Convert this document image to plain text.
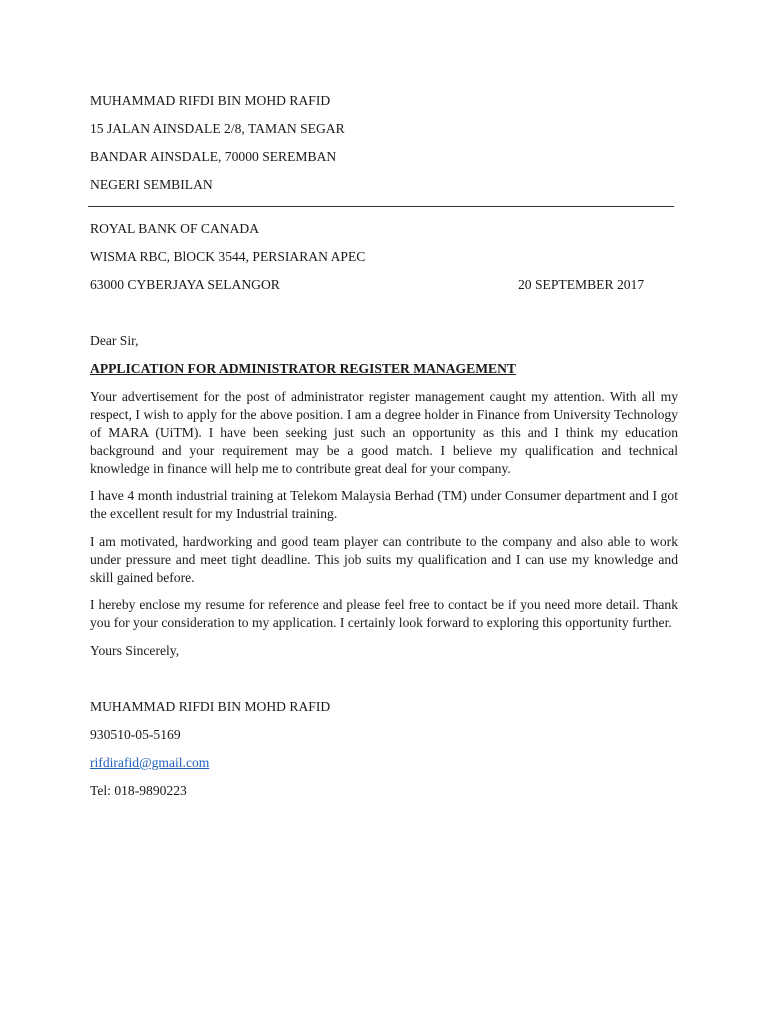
MUHAMMAD RIFDI BIN MOHD RAFID
15 JALAN AINSDALE 2/8, TAMAN SEGAR
BANDAR AINSDALE, 70000 SEREMBAN
NEGERI SEMBILAN
ROYAL BANK OF CANADA
WISMA RBC, BlOCK 3544, PERSIARAN APEC
63000 CYBERJAYA SELANGOR	20 SEPTEMBER 2017
Dear Sir,
APPLICATION FOR ADMINISTRATOR REGISTER MANAGEMENT
Your advertisement for the post of administrator register management caught my attention. With all my respect, I wish to apply for the above position. I am a degree holder in Finance from University Technology of MARA (UiTM). I have been seeking just such an opportunity as this and I think my education background and your requirement may be a good match. I believe my qualification and technical knowledge in finance will help me to contribute great deal for your company.
I have 4 month industrial training at Telekom Malaysia Berhad (TM) under Consumer department and I got the excellent result for my Industrial training.
I am motivated, hardworking and good team player can contribute to the company and also able to work under pressure and meet tight deadline. This job suits my qualification and I can use my knowledge and skill gained before.
I hereby enclose my resume for reference and please feel free to contact be if you need more detail. Thank you for your consideration to my application. I certainly look forward to exploring this opportunity further.
Yours Sincerely,
MUHAMMAD RIFDI BIN MOHD RAFID
930510-05-5169
rifdirafid@gmail.com
Tel: 018-9890223
